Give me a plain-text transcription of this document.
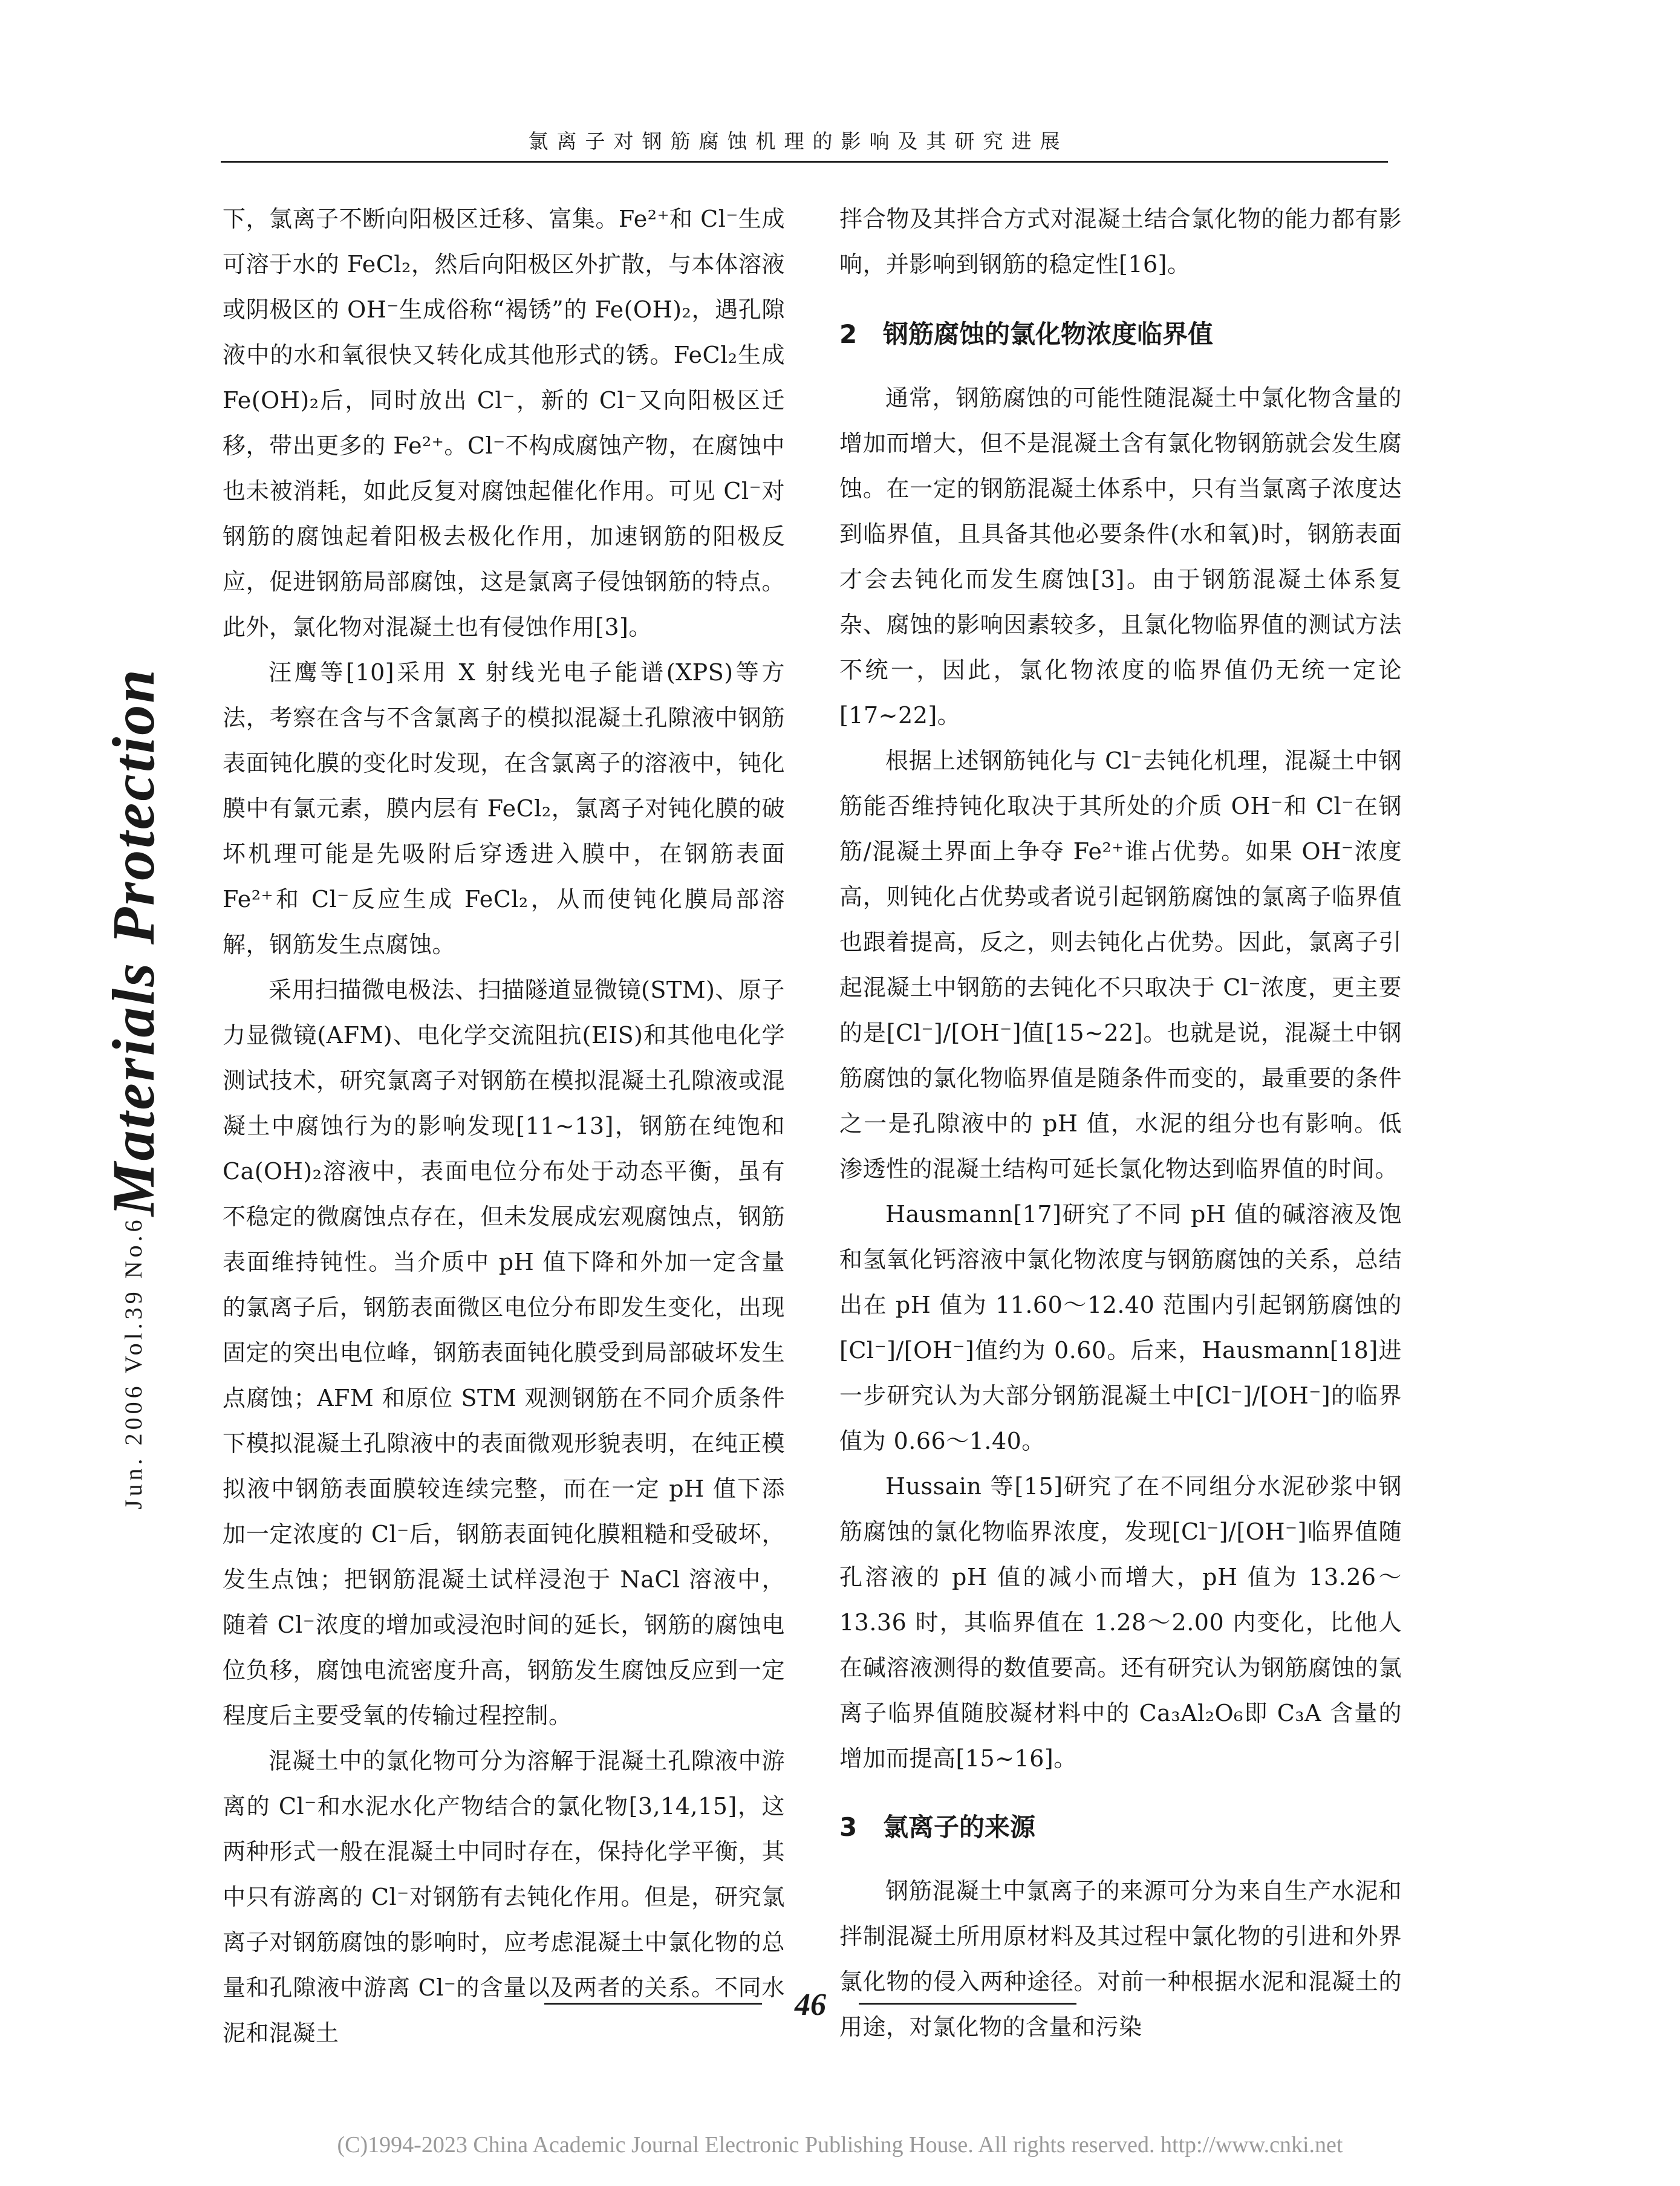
氯离子对钢筋腐蚀机理的影响及其研究进展
Jun. 2006 Vol.39 No.6
Materials Protection

下，氯离子不断向阳极区迁移、富集。Fe²⁺和 Cl⁻生成可溶于水的 FeCl₂，然后向阳极区外扩散，与本体溶液或阴极区的 OH⁻生成俗称“褐锈”的 Fe(OH)₂，遇孔隙液中的水和氧很快又转化成其他形式的锈。FeCl₂生成 Fe(OH)₂后，同时放出 Cl⁻，新的 Cl⁻又向阳极区迁移，带出更多的 Fe²⁺。Cl⁻不构成腐蚀产物，在腐蚀中也未被消耗，如此反复对腐蚀起催化作用。可见 Cl⁻对钢筋的腐蚀起着阳极去极化作用，加速钢筋的阳极反应，促进钢筋局部腐蚀，这是氯离子侵蚀钢筋的特点。此外，氯化物对混凝土也有侵蚀作用[3]。

汪鹰等[10]采用 X 射线光电子能谱(XPS)等方法，考察在含与不含氯离子的模拟混凝土孔隙液中钢筋表面钝化膜的变化时发现，在含氯离子的溶液中，钝化膜中有氯元素，膜内层有 FeCl₂，氯离子对钝化膜的破坏机理可能是先吸附后穿透进入膜中，在钢筋表面 Fe²⁺和 Cl⁻反应生成 FeCl₂，从而使钝化膜局部溶解，钢筋发生点腐蚀。

采用扫描微电极法、扫描隧道显微镜(STM)、原子力显微镜(AFM)、电化学交流阻抗(EIS)和其他电化学测试技术，研究氯离子对钢筋在模拟混凝土孔隙液或混凝土中腐蚀行为的影响发现[11~13]，钢筋在纯饱和 Ca(OH)₂溶液中，表面电位分布处于动态平衡，虽有不稳定的微腐蚀点存在，但未发展成宏观腐蚀点，钢筋表面维持钝性。当介质中 pH 值下降和外加一定含量的氯离子后，钢筋表面微区电位分布即发生变化，出现固定的突出电位峰，钢筋表面钝化膜受到局部破坏发生点腐蚀；AFM 和原位 STM 观测钢筋在不同介质条件下模拟混凝土孔隙液中的表面微观形貌表明，在纯正模拟液中钢筋表面膜较连续完整，而在一定 pH 值下添加一定浓度的 Cl⁻后，钢筋表面钝化膜粗糙和受破坏，发生点蚀；把钢筋混凝土试样浸泡于 NaCl 溶液中，随着 Cl⁻浓度的增加或浸泡时间的延长，钢筋的腐蚀电位负移，腐蚀电流密度升高，钢筋发生腐蚀反应到一定程度后主要受氧的传输过程控制。

混凝土中的氯化物可分为溶解于混凝土孔隙液中游离的 Cl⁻和水泥水化产物结合的氯化物[3,14,15]，这两种形式一般在混凝土中同时存在，保持化学平衡，其中只有游离的 Cl⁻对钢筋有去钝化作用。但是，研究氯离子对钢筋腐蚀的影响时，应考虑混凝土中氯化物的总量和孔隙液中游离 Cl⁻的含量以及两者的关系。不同水泥和混凝土

拌合物及其拌合方式对混凝土结合氯化物的能力都有影响，并影响到钢筋的稳定性[16]。

2 钢筋腐蚀的氯化物浓度临界值

通常，钢筋腐蚀的可能性随混凝土中氯化物含量的增加而增大，但不是混凝土含有氯化物钢筋就会发生腐蚀。在一定的钢筋混凝土体系中，只有当氯离子浓度达到临界值，且具备其他必要条件(水和氧)时，钢筋表面才会去钝化而发生腐蚀[3]。由于钢筋混凝土体系复杂、腐蚀的影响因素较多，且氯化物临界值的测试方法不统一，因此，氯化物浓度的临界值仍无统一定论[17~22]。

根据上述钢筋钝化与 Cl⁻去钝化机理，混凝土中钢筋能否维持钝化取决于其所处的介质 OH⁻和 Cl⁻在钢筋/混凝土界面上争夺 Fe²⁺谁占优势。如果 OH⁻浓度高，则钝化占优势或者说引起钢筋腐蚀的氯离子临界值也跟着提高，反之，则去钝化占优势。因此，氯离子引起混凝土中钢筋的去钝化不只取决于 Cl⁻浓度，更主要的是[Cl⁻]/[OH⁻]值[15~22]。也就是说，混凝土中钢筋腐蚀的氯化物临界值是随条件而变的，最重要的条件之一是孔隙液中的 pH 值，水泥的组分也有影响。低渗透性的混凝土结构可延长氯化物达到临界值的时间。

Hausmann[17]研究了不同 pH 值的碱溶液及饱和氢氧化钙溶液中氯化物浓度与钢筋腐蚀的关系，总结出在 pH 值为 11.60～12.40 范围内引起钢筋腐蚀的[Cl⁻]/[OH⁻]值约为 0.60。后来，Hausmann[18]进一步研究认为大部分钢筋混凝土中[Cl⁻]/[OH⁻]的临界值为 0.66～1.40。

Hussain 等[15]研究了在不同组分水泥砂浆中钢筋腐蚀的氯化物临界浓度，发现[Cl⁻]/[OH⁻]临界值随孔溶液的 pH 值的减小而增大，pH 值为 13.26～13.36 时，其临界值在 1.28～2.00 内变化，比他人在碱溶液测得的数值要高。还有研究认为钢筋腐蚀的氯离子临界值随胶凝材料中的 Ca₃Al₂O₆即 C₃A 含量的增加而提高[15~16]。

3 氯离子的来源

钢筋混凝土中氯离子的来源可分为来自生产水泥和拌制混凝土所用原材料及其过程中氯化物的引进和外界氯化物的侵入两种途径。对前一种根据水泥和混凝土的用途，对氯化物的含量和污染

46
(C)1994-2023 China Academic Journal Electronic Publishing House. All rights reserved. http://www.cnki.net
